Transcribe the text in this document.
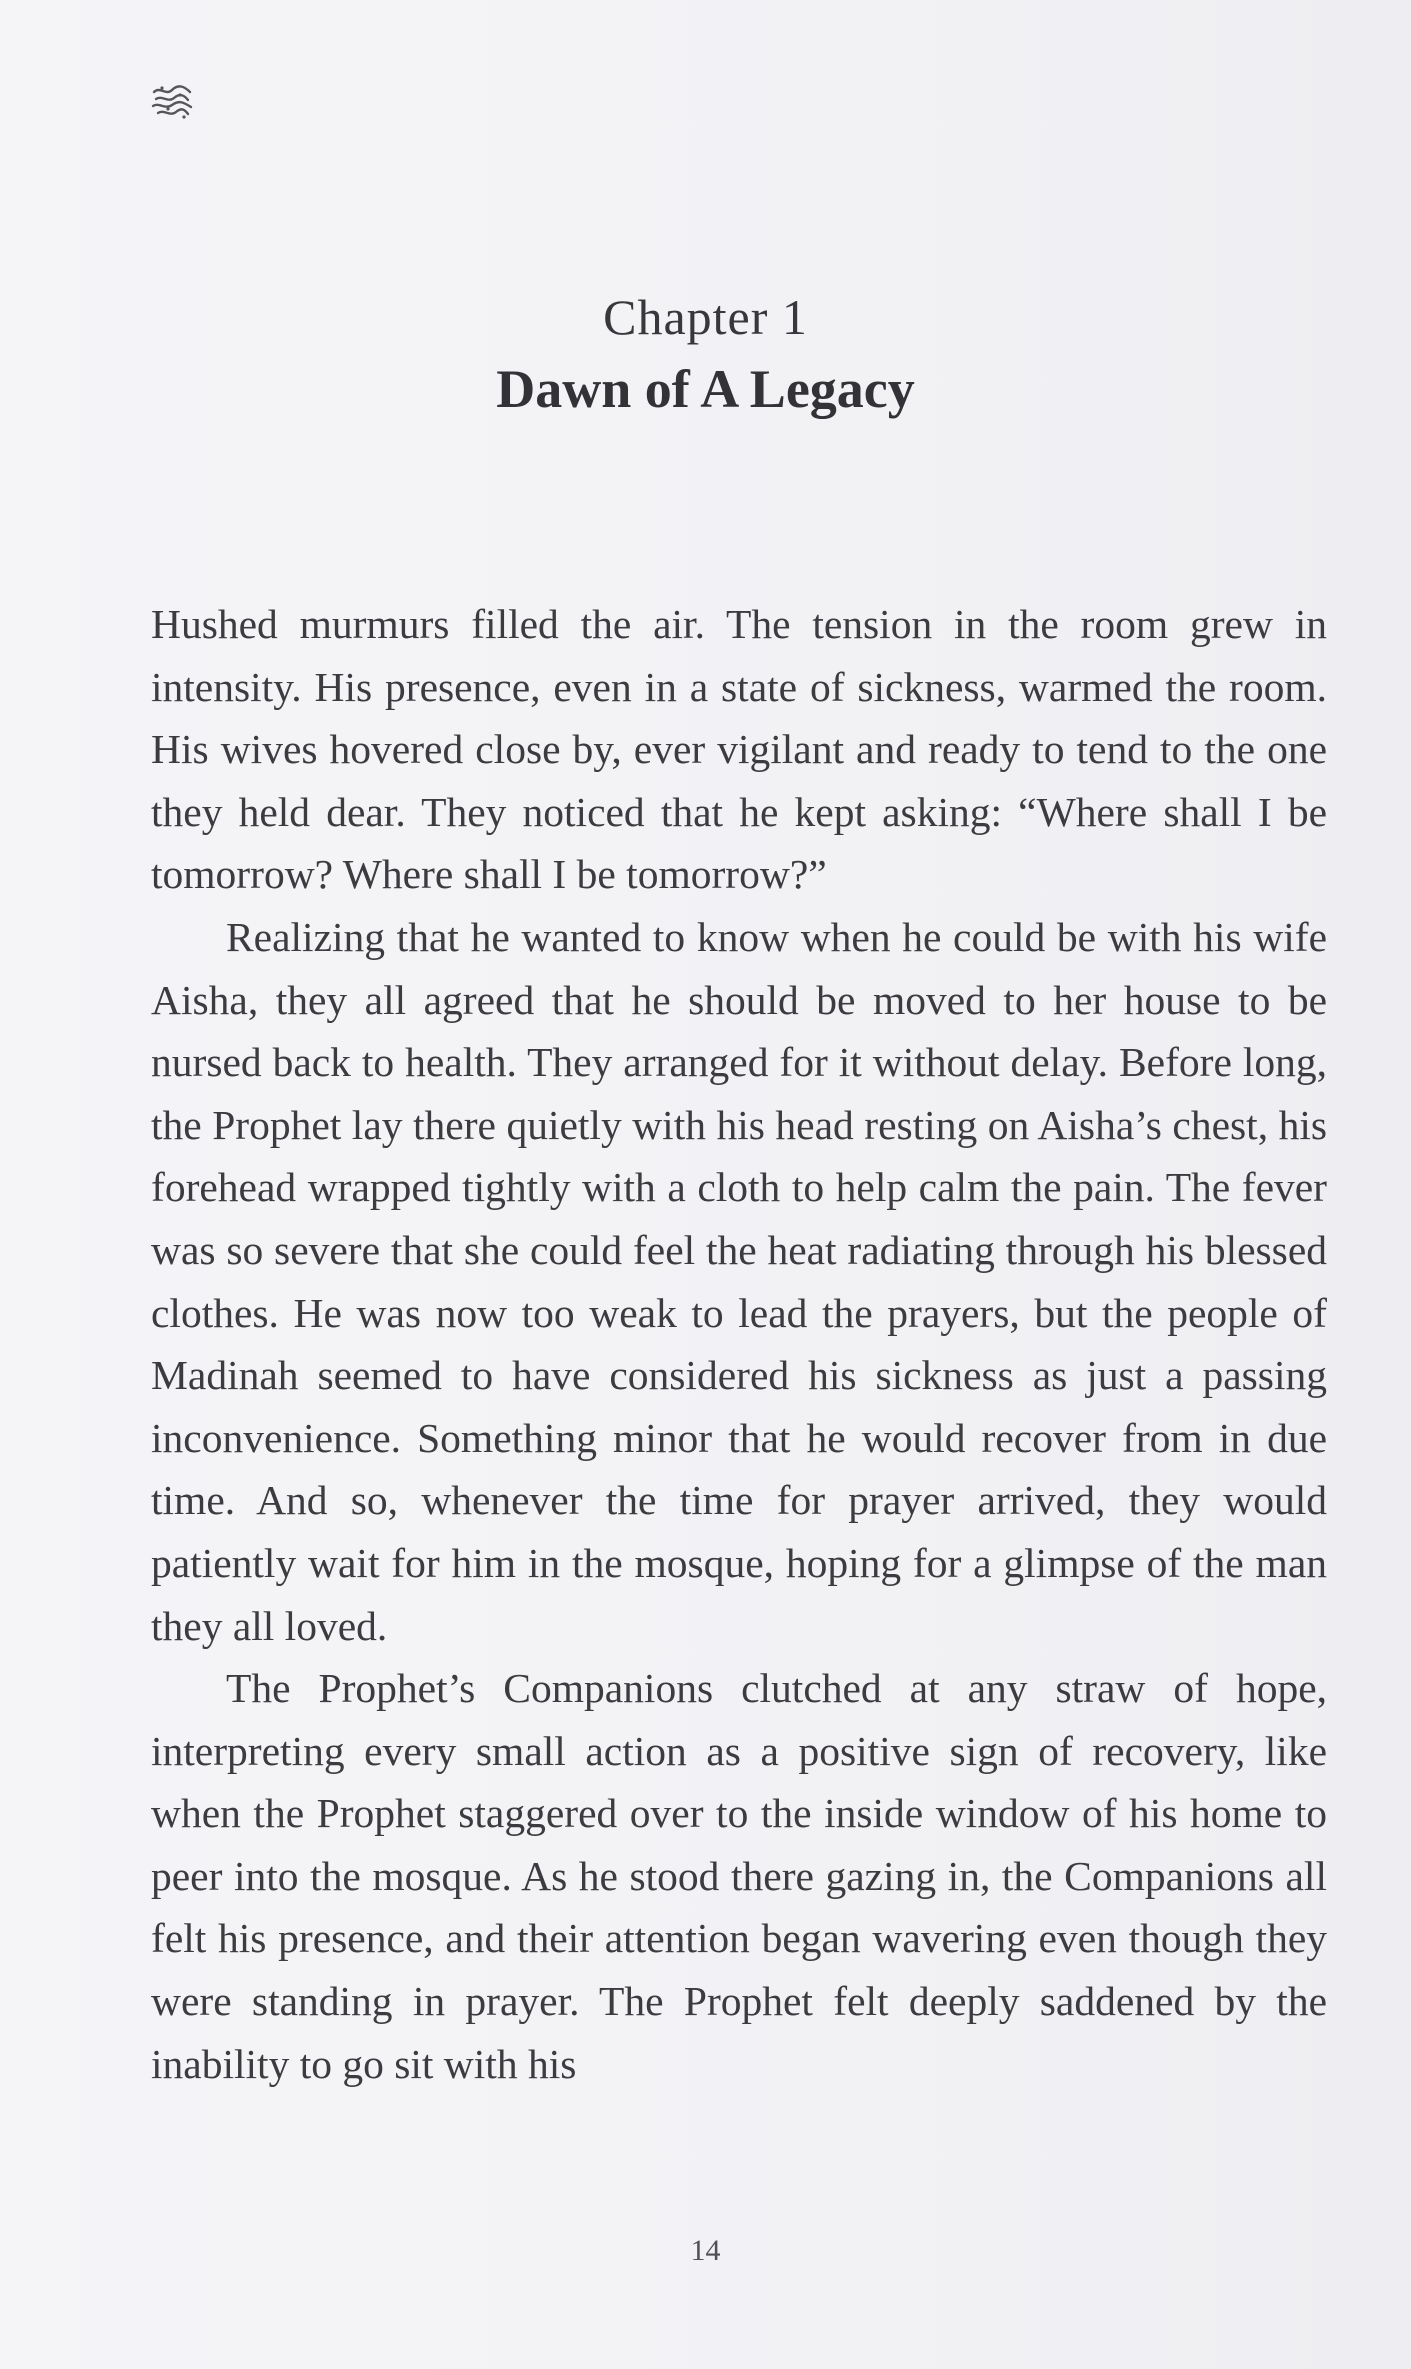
Chapter 1
Dawn of A Legacy

Hushed murmurs filled the air. The tension in the room grew in intensity. His presence, even in a state of sickness, warmed the room. His wives hovered close by, ever vigilant and ready to tend to the one they held dear. They noticed that he kept asking: “Where shall I be tomorrow? Where shall I be tomorrow?”

Realizing that he wanted to know when he could be with his wife Aisha, they all agreed that he should be moved to her house to be nursed back to health. They arranged for it without delay. Before long, the Prophet lay there quietly with his head resting on Aisha’s chest, his forehead wrapped tightly with a cloth to help calm the pain. The fever was so severe that she could feel the heat radiating through his blessed clothes. He was now too weak to lead the prayers, but the people of Madinah seemed to have considered his sickness as just a passing inconvenience. Something minor that he would recover from in due time. And so, whenever the time for prayer arrived, they would patiently wait for him in the mosque, hoping for a glimpse of the man they all loved.

The Prophet’s Companions clutched at any straw of hope, interpreting every small action as a positive sign of recovery, like when the Prophet staggered over to the inside window of his home to peer into the mosque. As he stood there gazing in, the Companions all felt his presence, and their attention began wavering even though they were standing in prayer. The Prophet felt deeply saddened by the inability to go sit with his

14
